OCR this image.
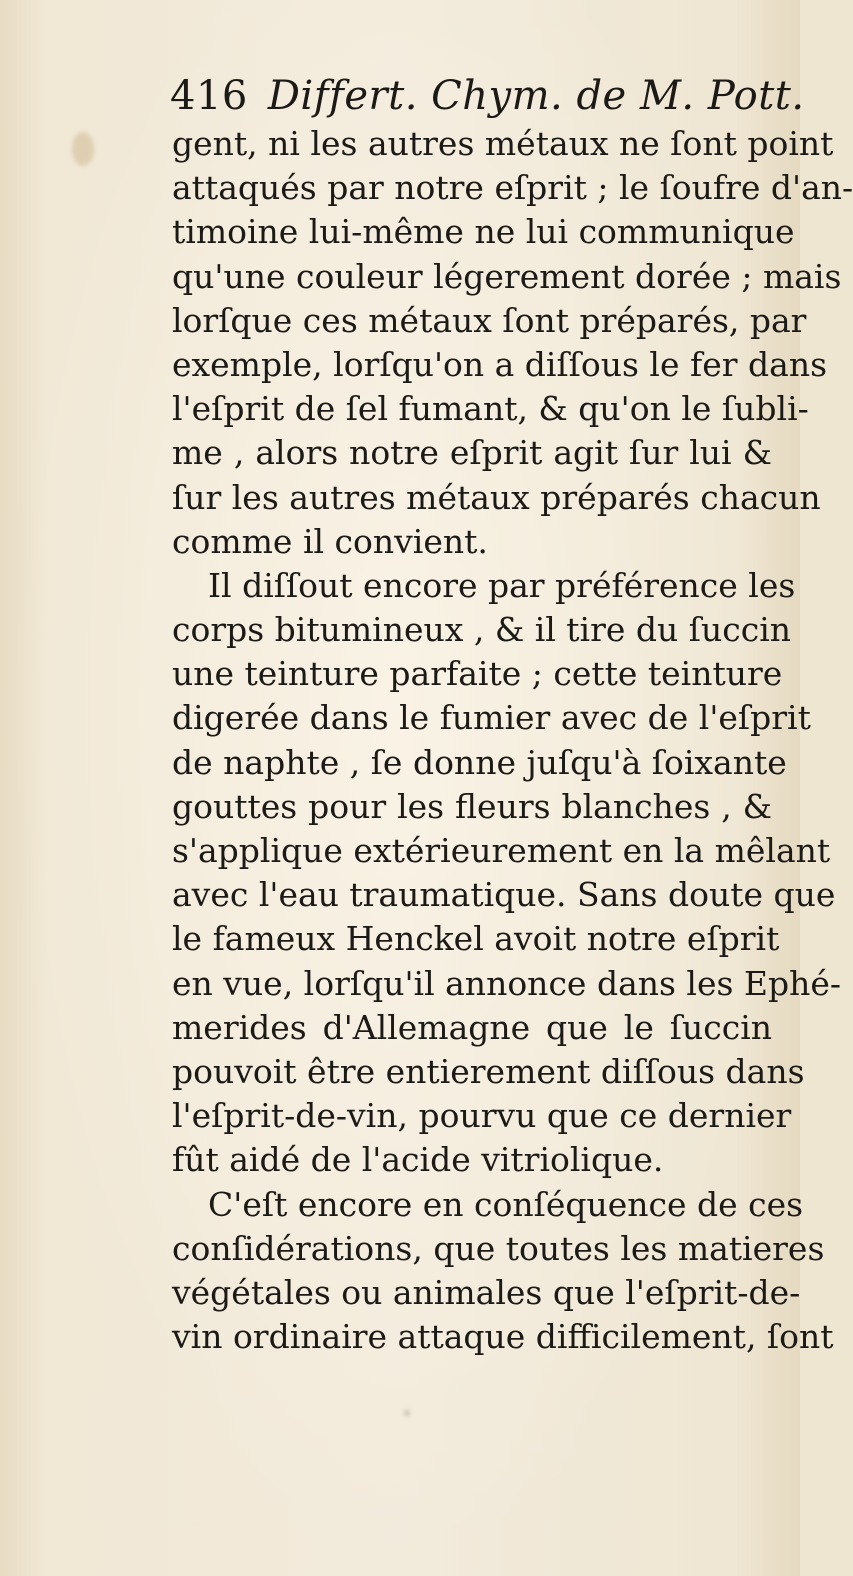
416 Differt. Chym. de M. Pott.
gent, ni les autres métaux ne ſont point
attaqués par notre eſprit ; le ſoufre d'an-
timoine lui-même ne lui communique
qu'une couleur légerement dorée ; mais
lorſque ces métaux ſont préparés, par
exemple, lorſqu'on a diſſous le fer dans
l'eſprit de ſel fumant, & qu'on le ſubli-
me , alors notre eſprit agit ſur lui &
ſur les autres métaux préparés chacun
comme il convient.
Il diſſout encore par préférence les
corps bitumineux , & il tire du ſuccin
une teinture parfaite ; cette teinture
digerée dans le fumier avec de l'eſprit
de naphte , ſe donne juſqu'à ſoixante
gouttes pour les fleurs blanches , &
s'applique extérieurement en la mêlant
avec l'eau traumatique. Sans doute que
le fameux Henckel avoit notre eſprit
en vue, lorſqu'il annonce dans les Ephé-
merides d'Allemagne que le ſuccin
pouvoit être entierement diſſous dans
l'eſprit-de-vin, pourvu que ce dernier
fût aidé de l'acide vitriolique.
C'eſt encore en conſéquence de ces
conſidérations, que toutes les matieres
végétales ou animales que l'eſprit-de-
vin ordinaire attaque difficilement, ſont
